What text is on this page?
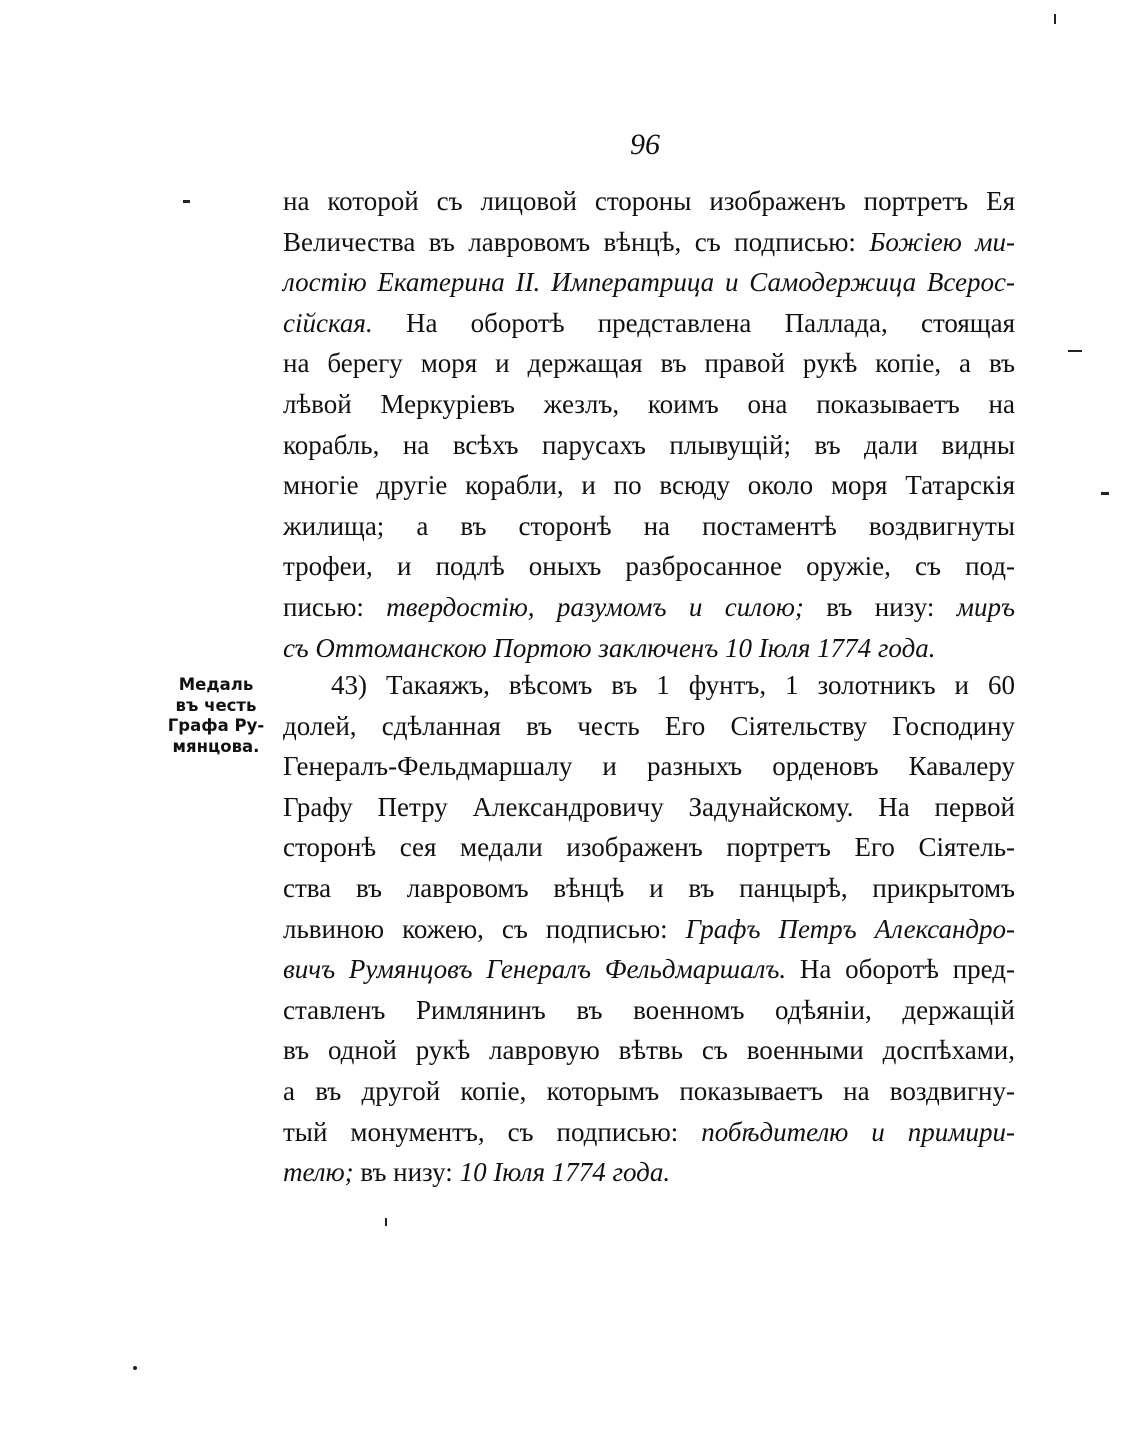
96
на которой съ лицовой стороны изображенъ портретъ Ея
Величества въ лавровомъ вѣнцѣ, съ подписью: Божіею ми-
лостію Екатерина II. Императрица и Самодержица Всерос-
сійская. На оборотѣ представлена Паллада, стоящая
на берегу моря и держащая въ правой рукѣ копіе, а въ
лѣвой Меркуріевъ жезлъ, коимъ она показываетъ на
корабль, на всѣхъ парусахъ плывущій; въ дали видны
многіе другіе корабли, и по всюду около моря Татарскія
жилища; а въ сторонѣ на постаментѣ воздвигнуты
трофеи, и подлѣ оныхъ разбросанное оружіе, съ под-
писью: твердостію, разумомъ и силою; въ низу: миръ
съ Оттоманскою Портою заключенъ 10 Іюля 1774 года.
Медаль
въ честь
Графа Ру-
мянцова.
43) Такаяжъ, вѣсомъ въ 1 фунтъ, 1 золотникъ и 60
долей, сдѣланная въ честь Его Сіятельству Господину
Генералъ-Фельдмаршалу и разныхъ орденовъ Кавалеру
Графу Петру Александровичу Задунайскому. На первой
сторонѣ сея медали изображенъ портретъ Его Сіятель-
ства въ лавровомъ вѣнцѣ и въ панцырѣ, прикрытомъ
львиною кожею, съ подписью: Графъ Петръ Александро-
вичъ Румянцовъ Генералъ Фельдмаршалъ. На оборотѣ пред-
ставленъ Римлянинъ въ военномъ одѣяніи, держащій
въ одной рукѣ лавровую вѣтвь съ военными доспѣхами,
а въ другой копіе, которымъ показываетъ на воздвигну-
тый монументъ, съ подписью: побѣдителю и примири-
телю; въ низу: 10 Іюля 1774 года.
